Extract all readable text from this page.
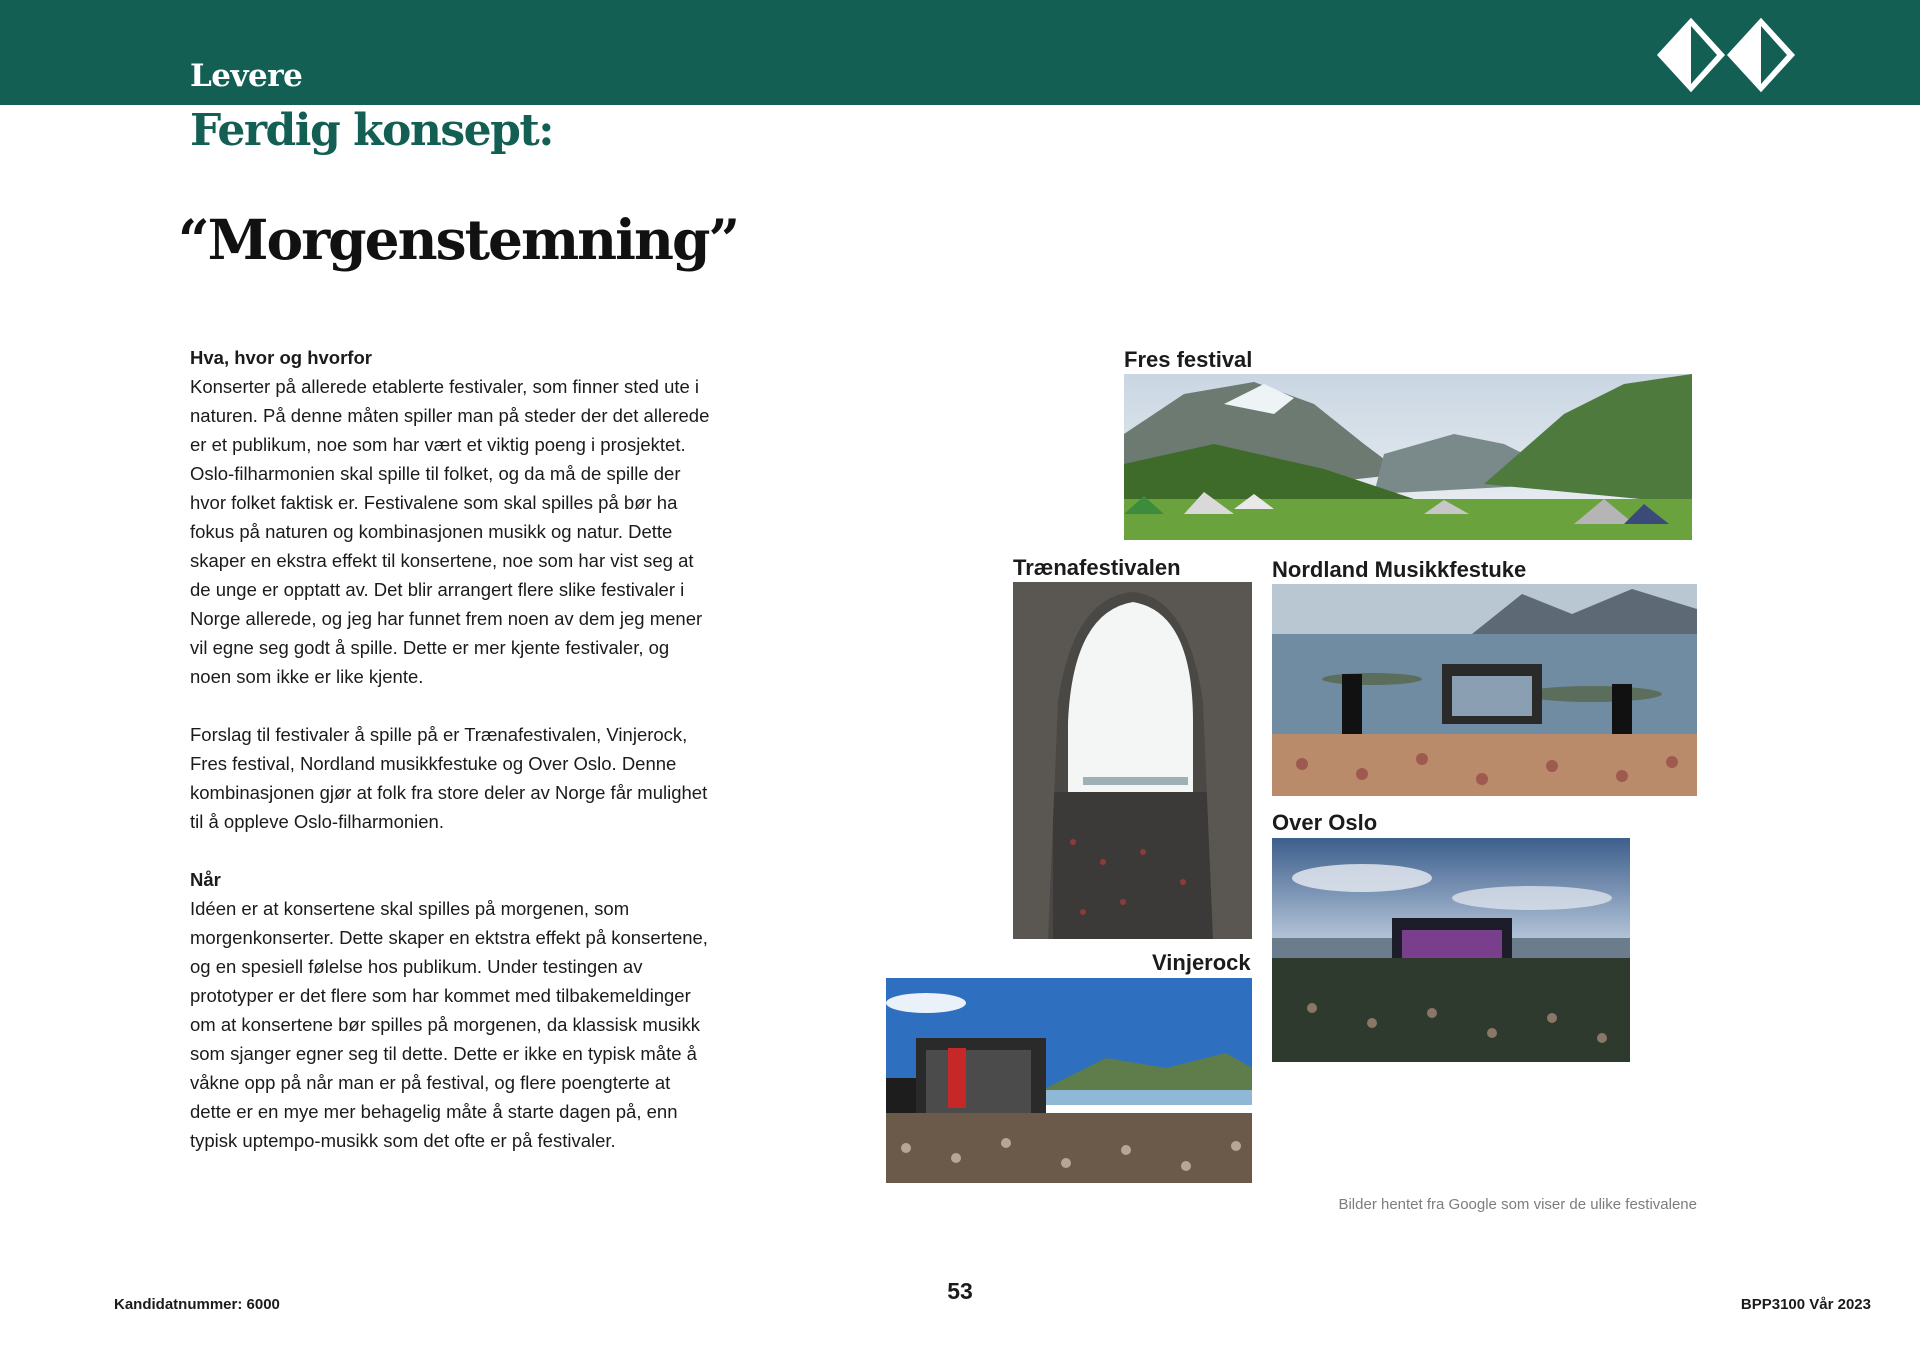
Levere
Ferdig konsept:
“Morgenstemning”
Hva, hvor og hvorfor

Konserter på allerede etablerte festivaler, som finner sted ute i naturen. På denne måten spiller man på steder der det allerede er et publikum, noe som har vært et viktig poeng i prosjektet. Oslo-filharmonien skal spille til folket, og da må de spille der hvor folket faktisk er. Festivalene som skal spilles på bør ha fokus på naturen og kombinasjonen musikk og natur. Dette skaper en ekstra effekt til konsertene, noe som har vist seg at de unge er opptatt av. Det blir arrangert flere slike festivaler i Norge allerede, og jeg har funnet frem noen av dem jeg mener vil egne seg godt å spille. Dette er mer kjente festivaler, og noen som ikke er like kjente.

Forslag til festivaler å spille på er Trænafestivalen, Vinjerock, Fres festival, Nordland musikkfestuke og Over Oslo. Denne kombinasjonen gjør at folk fra store deler av Norge får mulighet til å oppleve Oslo-filharmonien.

Når

Idéen er at konsertene skal spilles på morgenen, som morgenkonserter. Dette skaper en ektstra effekt på konsertene, og en spesiell følelse hos publikum. Under testingen av prototyper er det flere som har kommet med tilbakemeldinger om at konsertene bør spilles på morgenen, da klassisk musikk som sjanger egner seg til dette. Dette er ikke en typisk måte å våkne opp på når man er på festival, og flere poengterte at dette er en mye mer behagelig måte å starte dagen på, enn typisk uptempo-musikk som det ofte er på festivaler.

Fres festival
Trænafestivalen	Nordland Musikkfestuke
Over Oslo
Vinjerock
Bilder hentet fra Google som viser de ulike festivalene
Kandidatnummer: 6000
53
BPP3100 Vår 2023
